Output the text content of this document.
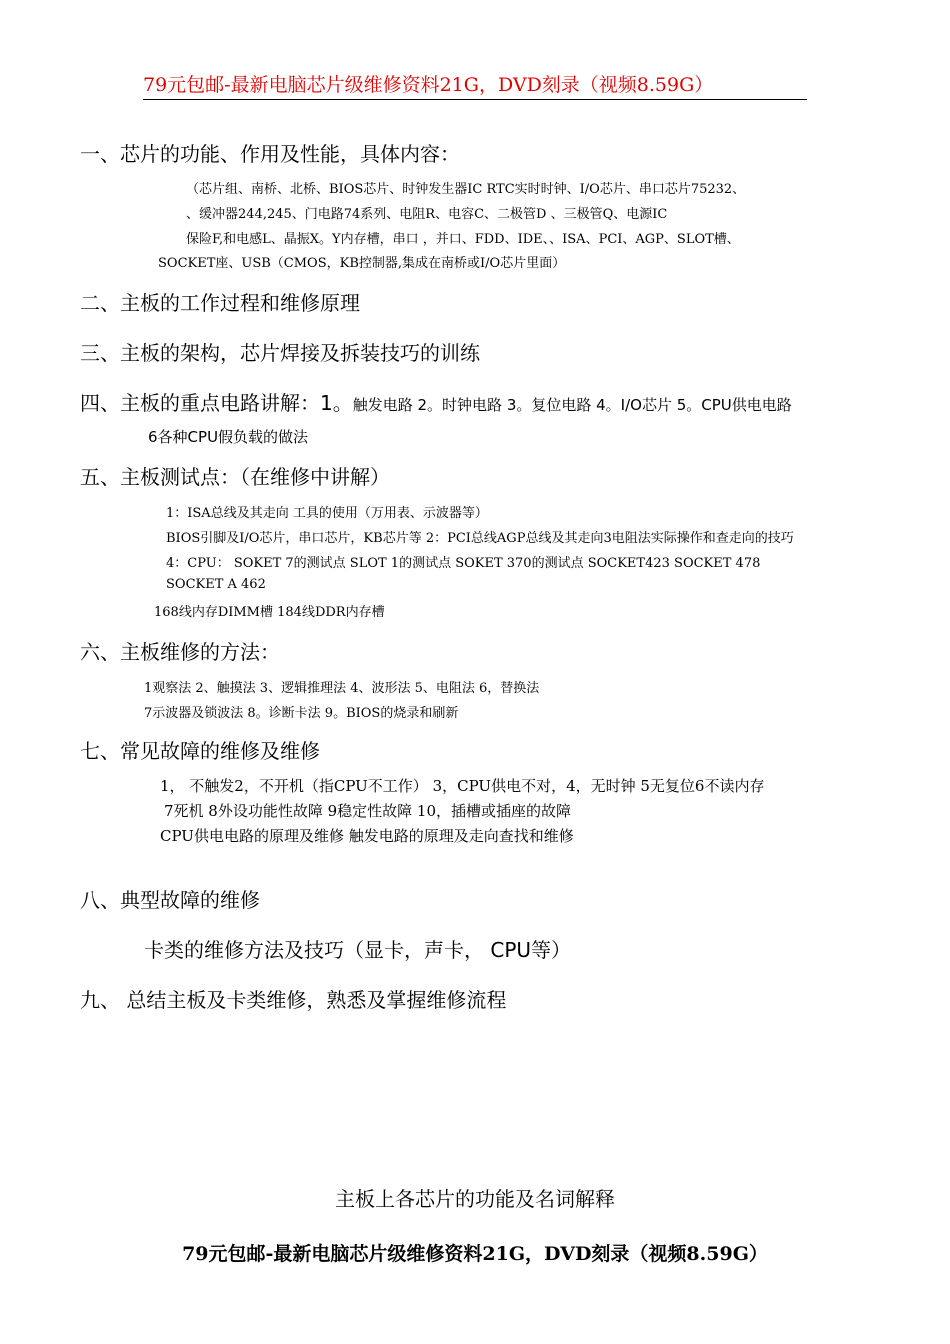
79元包邮-最新电脑芯片级维修资料21G，DVD刻录（视频8.59G）
一、芯片的功能、作用及性能，具体内容：
（芯片组、南桥、北桥、BIOS芯片、时钟发生器IC RTC实时时钟、I/O芯片、串口芯片75232、
、缓冲器244,245、门电路74系列、电阻R、电容C、二极管D 、三极管Q、电源IC
保险F,和电感L、晶振X。Y内存槽，串口 ，并口、FDD、IDE、、ISA、PCI、AGP、SLOT槽、
SOCKET座、USB（CMOS，KB控制器,集成在南桥或I/O芯片里面）
二、主板的工作过程和维修原理
三、主板的架构，芯片焊接及拆装技巧的训练
四、主板的重点电路讲解：1。触发电路 2。时钟电路 3。复位电路 4。I/O芯片 5。CPU供电电路
6各种CPU假负载的做法
五、主板测试点：（在维修中讲解）
1：ISA总线及其走向 工具的使用（万用表、示波器等）
BIOS引脚及I/O芯片，串口芯片，KB芯片等 2：PCI总线AGP总线及其走向3电阻法实际操作和查走向的技巧
4：CPU： SOKET 7的测试点 SLOT 1的测试点 SOKET 370的测试点 SOCKET423 SOCKET 478
SOCKET A 462
168线内存DIMM槽 184线DDR内存槽
六、主板维修的方法：
1观察法 2、触摸法 3、逻辑推理法 4、波形法 5、电阻法 6，替换法
7示波器及锁波法 8。诊断卡法 9。BIOS的烧录和刷新
七、常见故障的维修及维修
1， 不触发2，不开机（指CPU不工作） 3，CPU供电不对，4，无时钟 5无复位6不读内存
7死机 8外设功能性故障 9稳定性故障 10，插槽或插座的故障
CPU供电电路的原理及维修 触发电路的原理及走向查找和维修
八、典型故障的维修
卡类的维修方法及技巧（显卡，声卡， CPU等）
九、 总结主板及卡类维修，熟悉及掌握维修流程
主板上各芯片的功能及名词解释
79元包邮-最新电脑芯片级维修资料21G，DVD刻录（视频8.59G）
